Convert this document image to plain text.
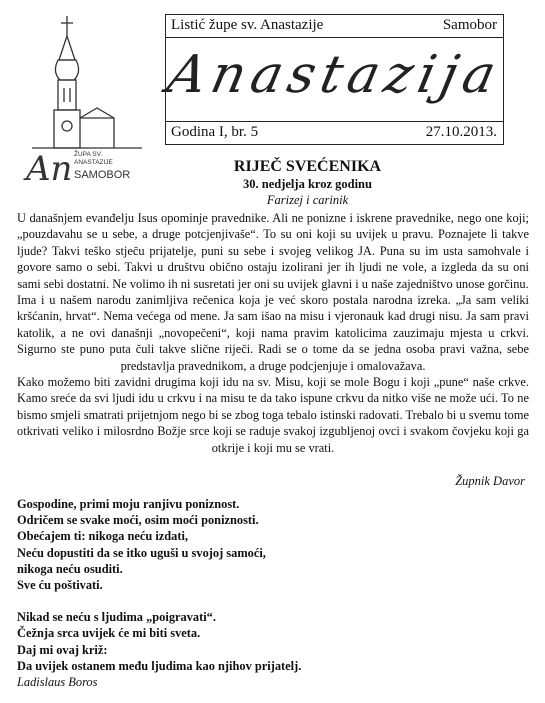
An ŽUPA SV.
ANASTAZIJE
SAMOBOR
Listić župe sv. Anastazije	Samobor
Anastazija
Godina I, br. 5	27.10.2013.
RIJEČ SVEĆENIKA
30. nedjelja kroz godinu
Farizej i carinik

U današnjem evanđelju Isus opominje pravednike. Ali ne ponizne i iskrene pravednike, nego one koji; „pouzdavahu se u sebe, a druge potcjenjivaše“. To su oni koji su uvijek u pravu. Poznajete li takve ljude? Takvi teško stječu prijatelje, puni su sebe i svojeg velikog JA. Puna su im usta samohvale i govore samo o sebi. Takvi u društvu obično ostaju izolirani jer ih ljudi ne vole, a izgleda da su oni sami sebi dostatni. Ne volimo ih ni susretati jer oni su uvijek glavni i u naše zajedništvo unose gorčinu.

Ima i u našem narodu zanimljiva rečenica koja je već skoro postala narodna izreka. „Ja sam veliki kršćanin, hrvat“. Nema većega od mene. Ja sam išao na misu i vjeronauk kad drugi nisu. Ja sam pravi katolik, a ne ovi današnji „novopečeni“, koji nama pravim katolicima zauzimaju mjesta u crkvi. Sigurno ste puno puta čuli takve slične riječi. Radi se o tome da se jedna osoba pravi važna, sebe predstavlja pravednikom, a druge podcjenjuje i omalovažava.

Kako možemo biti zavidni drugima koji idu na sv. Misu, koji se mole Bogu i koji „pune“ naše crkve. Kamo sreće da svi ljudi idu u crkvu i na misu te da tako ispune crkvu da nitko više ne može ući. To ne bismo smjeli smatrati prijetnjom nego bi se zbog toga tebalo istinski radovati. Trebalo bi u svemu tome otkrivati veliko i milosrdno Božje srce koji se raduje svakoj izgubljenoj ovci i svakom čovjeku koji ga otkrije i koji mu se vrati.

Župnik Davor
Gospodine, primi moju ranjivu poniznost.
Odričem se svake moći, osim moći poniznosti.
Obećajem ti: nikoga neću izdati,
Neću dopustiti da se itko uguši u svojoj samoći,
nikoga neću osuditi.
Sve ću poštivati.
Nikad se neću s ljudima „poigravati“.
Čežnja srca uvijek će mi biti sveta.
Daj mi ovaj križ:
Da uvijek ostanem među ljudima kao njihov prijatelj.
Ladislaus Boros
